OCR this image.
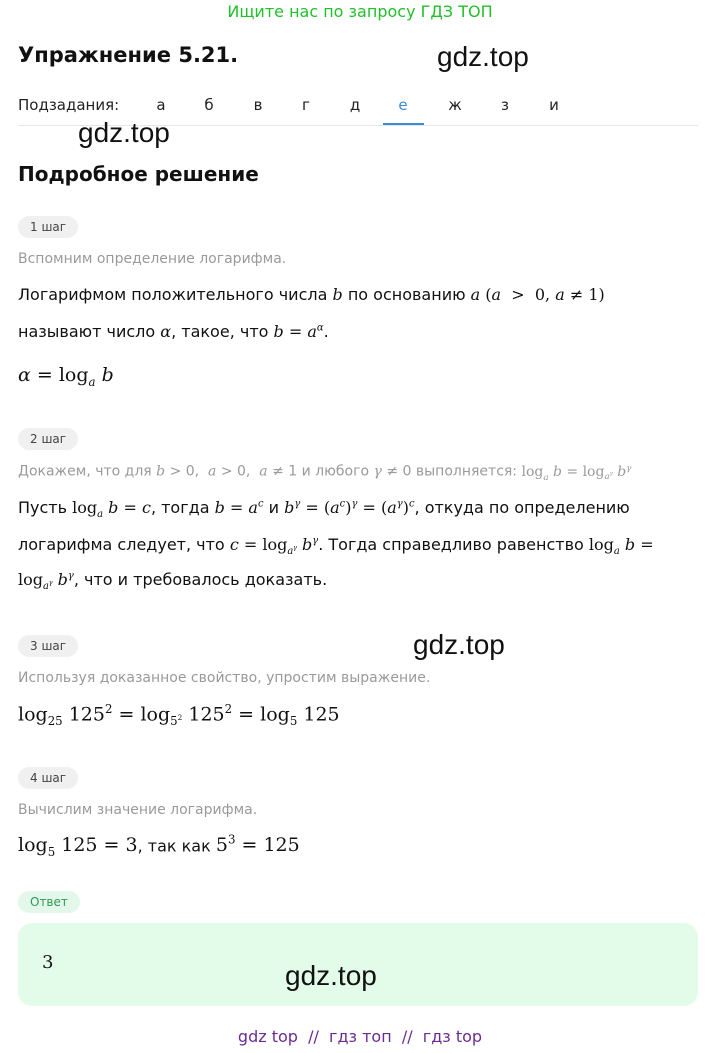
Ищите нас по запросу ГДЗ ТОП
Упражнение 5.21.	gdz.top
Подзадания:	а	б	в	г	д	е	ж	з	и
gdz.top
Подробное решение
1 шаг
Вспомним определение логарифма.
Логарифмом положительного числа b по основанию a (a  >  0, a ≠ 1)
называют число α, такое, что $b = a^\alpha$.
$\alpha = \log_a b$
2 шаг
Докажем, что для b > 0,  a > 0,  a ≠ 1 и любого γ ≠ 0 выполняется: $\log_a b = \log_{a^\gamma} b^\gamma$
Пусть $\log_a b = c$, тогда $b = a^c$ и $b^\gamma = (a^c)^\gamma = (a^\gamma)^c$, откуда по определению
логарифма следует, что $c = \log_{a^\gamma} b^\gamma$. Тогда справедливо равенство $\log_a b$ =
$\log_{a^\gamma} b^\gamma$, что и требовалось доказать.
gdz.top
3 шаг
Используя доказанное свойство, упростим выражение.
$\log_{25} 125^2 = \log_{5^2} 125^2 = \log_5 125$
4 шаг
Вычислим значение логарифма.
$\log_5 125 = 3$, так как $5^3 = 125$
Ответ
3	gdz.top
gdz top  //  гдз топ  //  гдз top
